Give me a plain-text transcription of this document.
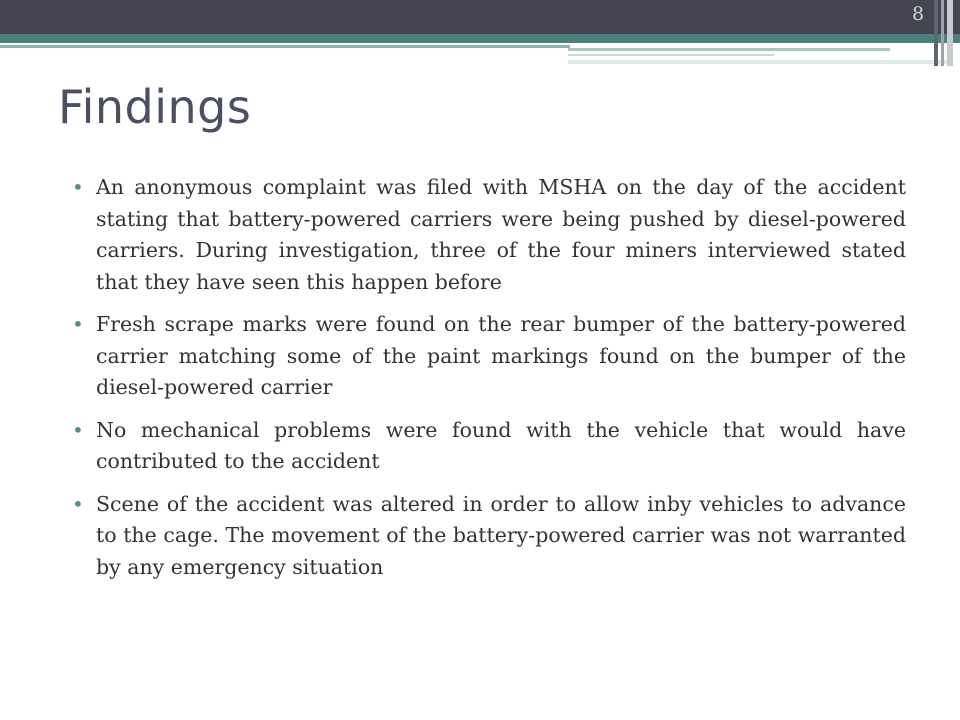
8
Findings
• An anonymous complaint was filed with MSHA on the day of the accident stating that battery-powered carriers were being pushed by diesel-powered carriers. During investigation, three of the four miners interviewed stated that they have seen this happen before
• Fresh scrape marks were found on the rear bumper of the battery-powered carrier matching some of the paint markings found on the bumper of the diesel-powered carrier
• No mechanical problems were found with the vehicle that would have contributed to the accident
• Scene of the accident was altered in order to allow inby vehicles to advance to the cage. The movement of the battery-powered carrier was not warranted by any emergency situation
